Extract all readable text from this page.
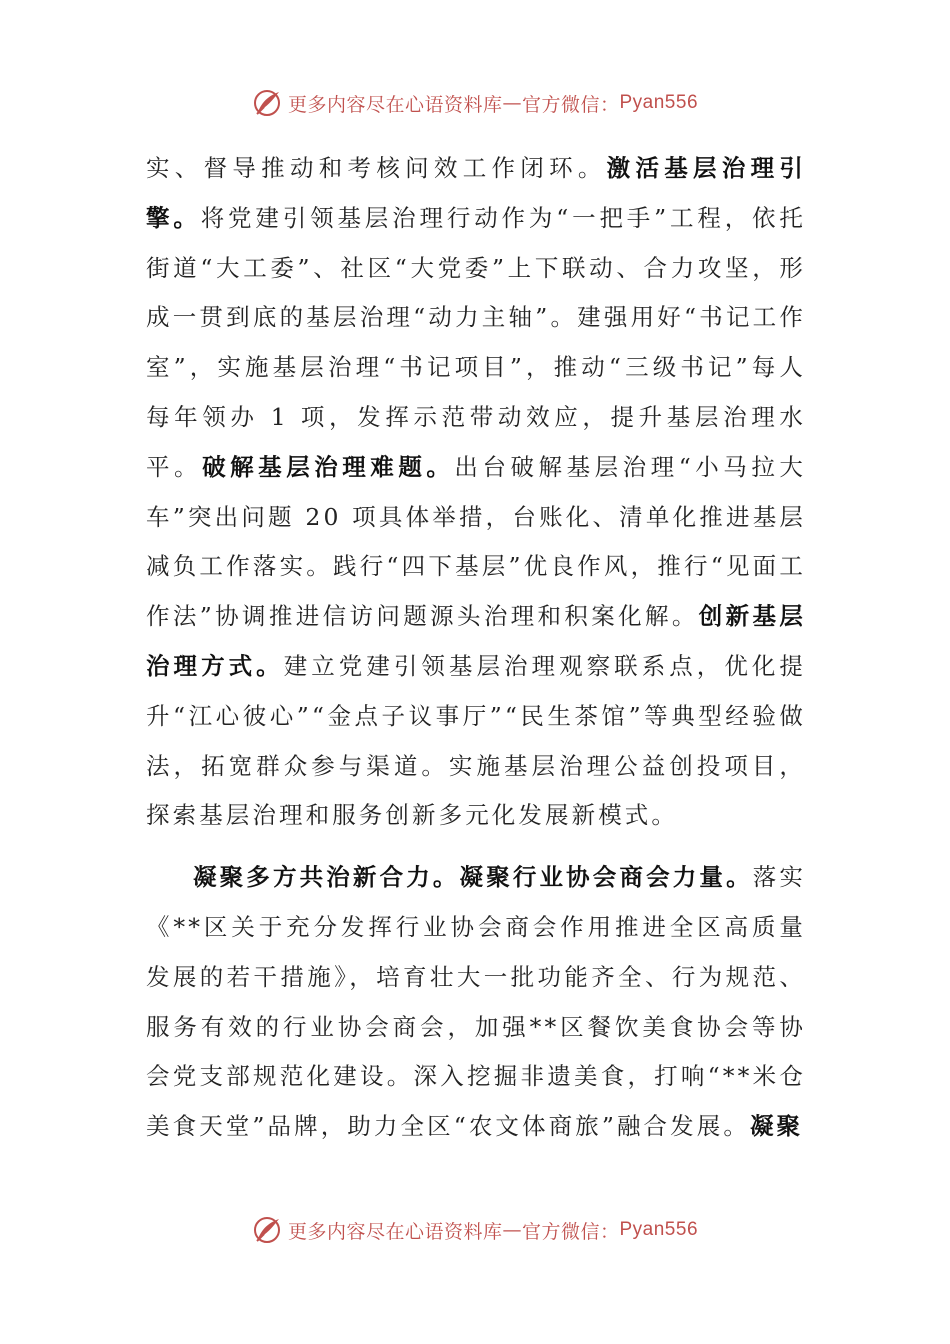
更多内容尽在心语资料库 — 官方微信： Pyan556

实、督导推动和考核问效工作闭环。激活基层治理引擎。将党建引领基层治理行动作为“一把手”工程，依托街道“大工委”、社区“大党委”上下联动、合力攻坚，形成一贯到底的基层治理“动力主轴”。建强用好“书记工作室”，实施基层治理“书记项目”，推动“三级书记”每人每年领办 1 项，发挥示范带动效应，提升基层治理水平。破解基层治理难题。出台破解基层治理“小马拉大车”突出问题 20 项具体举措，台账化、清单化推进基层减负工作落实。践行“四下基层”优良作风，推行“见面工作法”协调推进信访问题源头治理和积案化解。创新基层治理方式。建立党建引领基层治理观察联系点，优化提升“江心彼心”“金点子议事厅”“民生茶馆”等典型经验做法，拓宽群众参与渠道。实施基层治理公益创投项目，探索基层治理和服务创新多元化发展新模式。

凝聚多方共治新合力。凝聚行业协会商会力量。落实《**区关于充分发挥行业协会商会作用推进全区高质量发展的若干措施》，培育壮大一批功能齐全、行为规范、服务有效的行业协会商会，加强**区餐饮美食协会等协会党支部规范化建设。深入挖掘非遗美食，打响“**米仓 美食天堂”品牌，助力全区“农文体商旅”融合发展。凝聚

更多内容尽在心语资料库 — 官方微信： Pyan556
